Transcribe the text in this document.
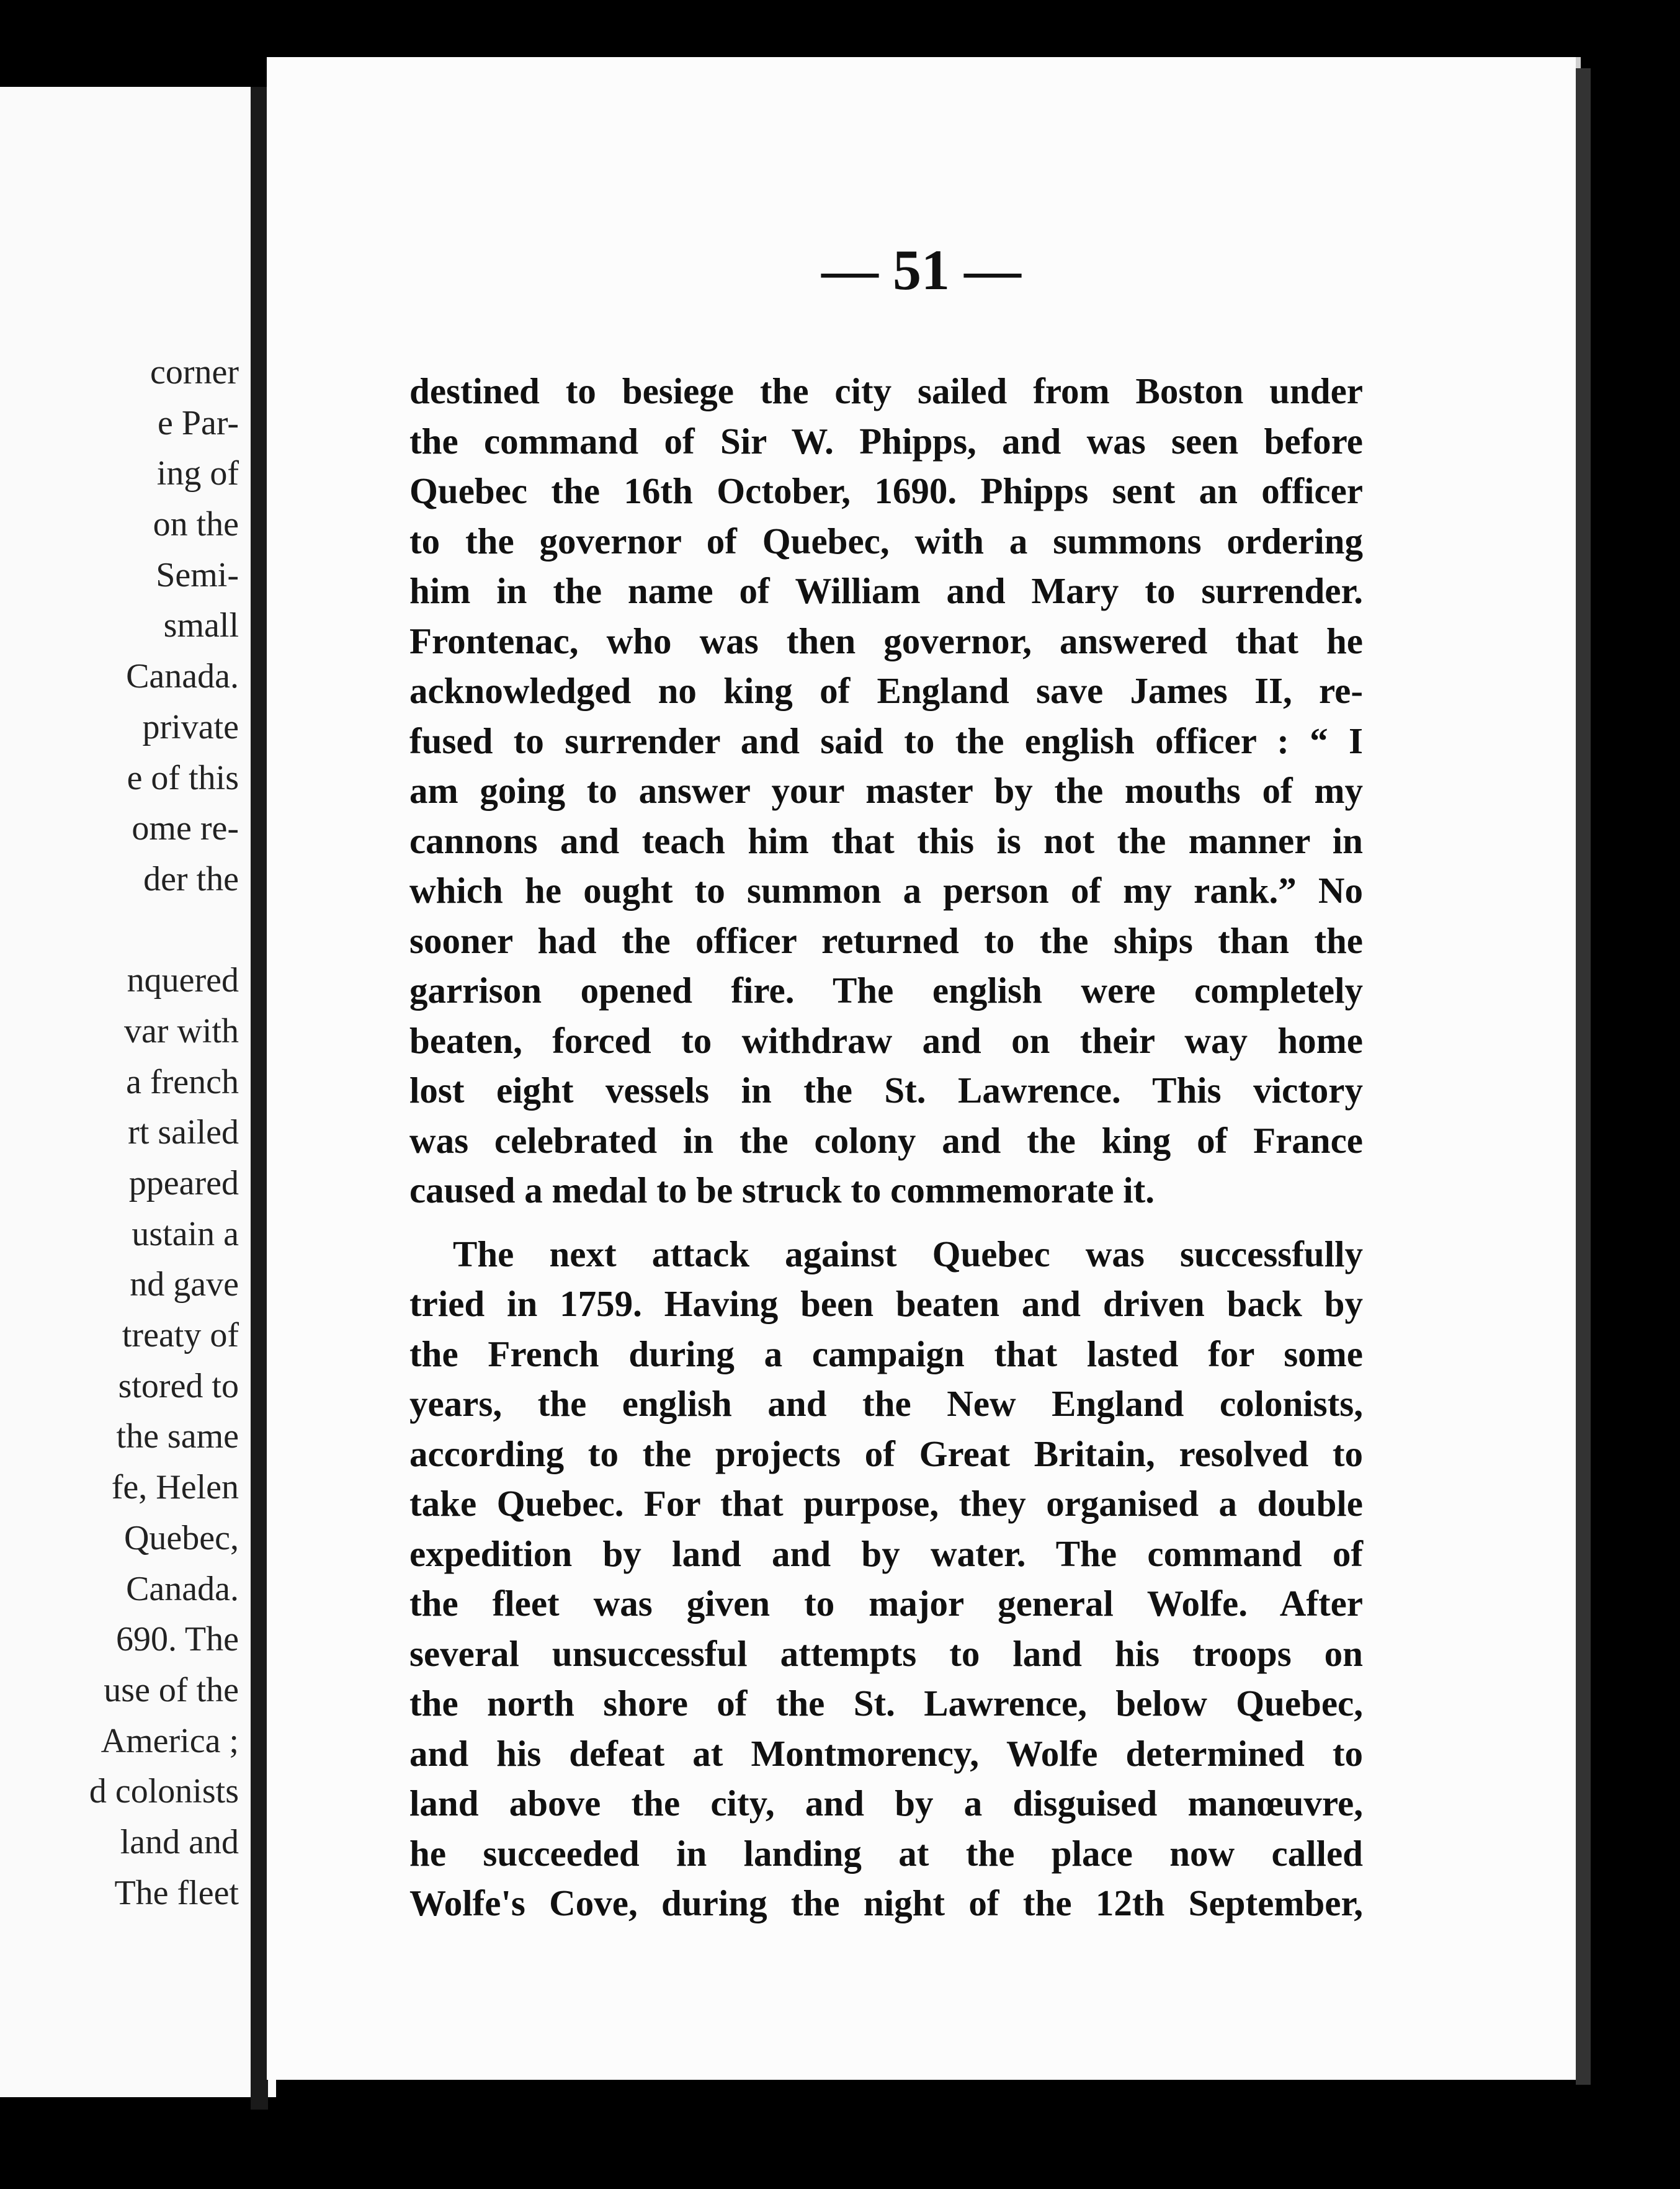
corner
e Par-
ing of
on the
Semi-
small
Canada.
private
e of this
ome re-
der the
nquered
var with
a french
rt sailed
ppeared
ustain a
nd gave
treaty of
stored to
the same
fe, Helen
Quebec,
Canada.
690. The
use of the
America ;
d colonists
land and
The fleet
— 51 —
destined to besiege the city sailed from Boston under
the command of Sir W. Phipps, and was seen before
Quebec the 16th October, 1690. Phipps sent an officer
to the governor of Quebec, with a summons ordering
him in the name of William and Mary to surrender.
Frontenac, who was then governor, answered that he
acknowledged no king of England save James II, re-
fused to surrender and said to the english officer : “ I
am going to answer your master by the mouths of my
cannons and teach him that this is not the manner in
which he ought to summon a person of my rank.” No
sooner had the officer returned to the ships than the
garrison opened fire. The english were completely
beaten, forced to withdraw and on their way home
lost eight vessels in the St. Lawrence. This victory
was celebrated in the colony and the king of France
caused a medal to be struck to commemorate it.
The next attack against Quebec was successfully
tried in 1759. Having been beaten and driven back by
the French during a campaign that lasted for some
years, the english and the New England colonists,
according to the projects of Great Britain, resolved to
take Quebec. For that purpose, they organised a double
expedition by land and by water. The command of
the fleet was given to major general Wolfe. After
several unsuccessful attempts to land his troops on
the north shore of the St. Lawrence, below Quebec,
and his defeat at Montmorency, Wolfe determined to
land above the city, and by a disguised manœuvre,
he succeeded in landing at the place now called
Wolfe's Cove, during the night of the 12th September,
